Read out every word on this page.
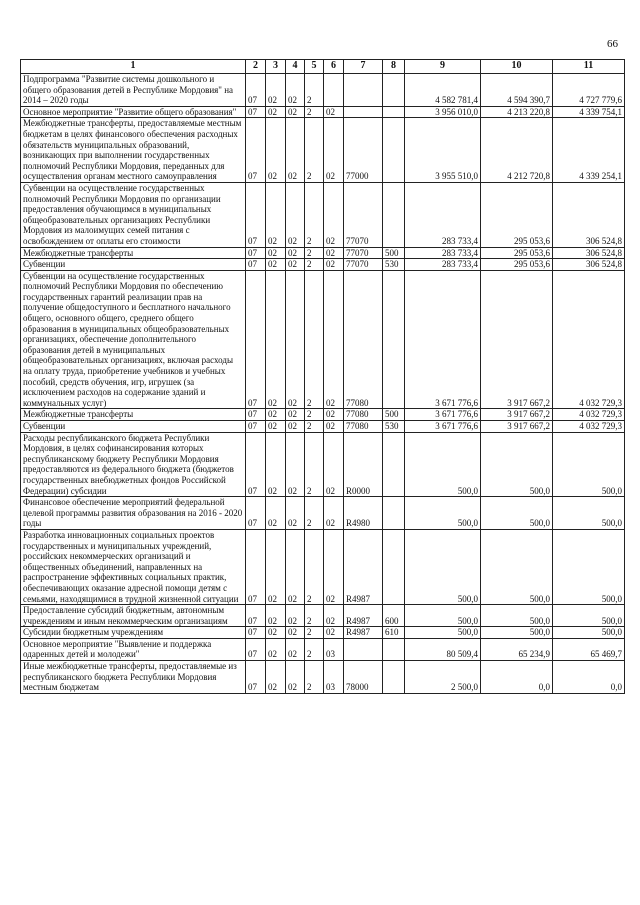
66
1	2	3	4	5	6	7	8	9	10	11
Подпрограмма "Развитие системы дошкольного и общего образования детей в Республике Мордовия" на 2014 – 2020 годы	07	02	02	2				4 582 781,4	4 594 390,7	4 727 779,6
Основное мероприятие "Развитие общего образования"	07	02	02	2	02			3 956 010,0	4 213 220,8	4 339 754,1
Межбюджетные трансферты, предоставляемые местным бюджетам в целях финансового обеспечения расходных обязательств муниципальных образований, возникающих при выполнении государственных полномочий Республики Мордовия, переданных для осуществления органам местного самоуправления	07	02	02	2	02	77000		3 955 510,0	4 212 720,8	4 339 254,1
Субвенции на осуществление государственных полномочий Республики Мордовия по организации предоставления обучающимся в муниципальных общеобразовательных организациях Республики Мордовия из малоимущих семей питания с освобождением от оплаты его стоимости	07	02	02	2	02	77070		283 733,4	295 053,6	306 524,8
Межбюджетные трансферты	07	02	02	2	02	77070	500	283 733,4	295 053,6	306 524,8
Субвенции	07	02	02	2	02	77070	530	283 733,4	295 053,6	306 524,8
Субвенции на осуществление государственных полномочий Республики Мордовия по обеспечению государственных гарантий реализации прав на получение общедоступного и бесплатного начального общего, основного общего, среднего общего образования в муниципальных общеобразовательных организациях, обеспечение дополнительного образования детей в муниципальных общеобразовательных организациях, включая расходы на оплату труда, приобретение учебников и учебных пособий, средств обучения, игр, игрушек (за исключением расходов на содержание зданий и коммунальных услуг)	07	02	02	2	02	77080		3 671 776,6	3 917 667,2	4 032 729,3
Межбюджетные трансферты	07	02	02	2	02	77080	500	3 671 776,6	3 917 667,2	4 032 729,3
Субвенции	07	02	02	2	02	77080	530	3 671 776,6	3 917 667,2	4 032 729,3
Расходы республиканского бюджета Республики Мордовия, в целях софинансирования которых республиканскому бюджету Республики Мордовия предоставляются из федерального бюджета (бюджетов государственных внебюджетных фондов Российской Федерации) субсидии	07	02	02	2	02	R0000		500,0	500,0	500,0
Финансовое обеспечение мероприятий федеральной целевой программы развития образования на 2016 - 2020 годы	07	02	02	2	02	R4980		500,0	500,0	500,0
Разработка инновационных социальных проектов государственных и муниципальных учреждений, российских некоммерческих организаций и общественных объединений, направленных на распространение эффективных социальных практик, обеспечивающих оказание адресной помощи детям с семьями, находящимися в трудной жизненной ситуации	07	02	02	2	02	R4987		500,0	500,0	500,0
Предоставление субсидий бюджетным, автономным учреждениям и иным некоммерческим организациям	07	02	02	2	02	R4987	600	500,0	500,0	500,0
Субсидии бюджетным учреждениям	07	02	02	2	02	R4987	610	500,0	500,0	500,0
Основное мероприятие "Выявление и поддержка одаренных детей и молодежи"	07	02	02	2	03			80 509,4	65 234,9	65 469,7
Иные межбюджетные трансферты, предоставляемые из республиканского бюджета Республики Мордовия местным бюджетам	07	02	02	2	03	78000		2 500,0	0,0	0,0
